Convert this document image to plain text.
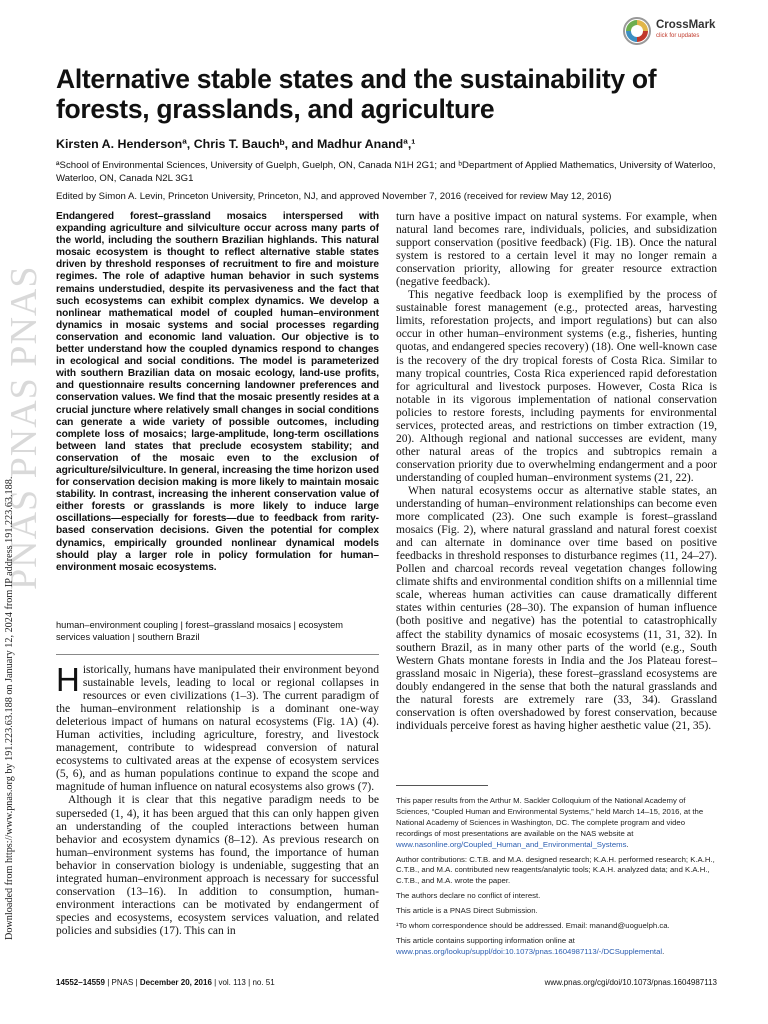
PNAS PNAS PNAS
Downloaded from https://www.pnas.org by 191.223.63.188 on January 12, 2024 from IP address 191.223.63.188.
CrossMark
click for updates
Alternative stable states and the sustainability of forests, grasslands, and agriculture
Kirsten A. Hendersonª, Chris T. Bauchᵇ, and Madhur Anandª,¹
ªSchool of Environmental Sciences, University of Guelph, Guelph, ON, Canada N1H 2G1; and ᵇDepartment of Applied Mathematics, University of Waterloo, Waterloo, ON, Canada N2L 3G1
Edited by Simon A. Levin, Princeton University, Princeton, NJ, and approved November 7, 2016 (received for review May 12, 2016)
Endangered forest–grassland mosaics interspersed with expanding agriculture and silviculture occur across many parts of the world, including the southern Brazilian highlands. This natural mosaic ecosystem is thought to reflect alternative stable states driven by threshold responses of recruitment to fire and moisture regimes. The role of adaptive human behavior in such systems remains understudied, despite its pervasiveness and the fact that such ecosystems can exhibit complex dynamics. We develop a nonlinear mathematical model of coupled human–environment dynamics in mosaic systems and social processes regarding conservation and economic land valuation. Our objective is to better understand how the coupled dynamics respond to changes in ecological and social conditions. The model is parameterized with southern Brazilian data on mosaic ecology, land-use profits, and questionnaire results concerning landowner preferences and conservation values. We find that the mosaic presently resides at a crucial juncture where relatively small changes in social conditions can generate a wide variety of possible outcomes, including complete loss of mosaics; large-amplitude, long-term oscillations between land states that preclude ecosystem stability; and conservation of the mosaic even to the exclusion of agriculture/silviculture. In general, increasing the time horizon used for conservation decision making is more likely to maintain mosaic stability. In contrast, increasing the inherent conservation value of either forests or grasslands is more likely to induce large oscillations—especially for forests—due to feedback from rarity-based conservation decisions. Given the potential for complex dynamics, empirically grounded nonlinear dynamical models should play a larger role in policy formulation for human–environment mosaic ecosystems.
human–environment coupling | forest–grassland mosaics | ecosystem services valuation | southern Brazil

Historically, humans have manipulated their environment beyond sustainable levels, leading to local or regional collapses in resources or even civilizations (1–3). The current paradigm of the human–environment relationship is a dominant one-way deleterious impact of humans on natural ecosystems (Fig. 1A) (4). Human activities, including agriculture, forestry, and livestock management, contribute to widespread conversion of natural ecosystems to cultivated areas at the expense of ecosystem services (5, 6), and as human populations continue to expand the scope and magnitude of human influence on natural ecosystems also grows (7).

Although it is clear that this negative paradigm needs to be superseded (1, 4), it has been argued that this can only happen given an understanding of the coupled interactions between human behavior and ecosystem dynamics (8–12). As previous research on human–environment systems has found, the importance of human behavior in conservation biology is undeniable, suggesting that an integrated human–environment approach is necessary for successful conservation (13–16). In addition to consumption, human-environment interactions can be motivated by endangerment of species and ecosystems, ecosystem services valuation, and related policies and subsidies (17). This can in

turn have a positive impact on natural systems. For example, when natural land becomes rare, individuals, policies, and subsidization support conservation (positive feedback) (Fig. 1B). Once the natural system is restored to a certain level it may no longer remain a conservation priority, allowing for greater resource extraction (negative feedback).

This negative feedback loop is exemplified by the process of sustainable forest management (e.g., protected areas, harvesting limits, reforestation projects, and import regulations) but can also occur in other human–environment systems (e.g., fisheries, hunting quotas, and endangered species recovery) (18). One well-known case is the recovery of the dry tropical forests of Costa Rica. Similar to many tropical countries, Costa Rica experienced rapid deforestation for agricultural and livestock purposes. However, Costa Rica is notable in its vigorous implementation of national conservation policies to restore forests, including payments for environmental services, protected areas, and restrictions on timber extraction (19, 20). Although regional and national successes are evident, many other natural areas of the tropics and subtropics remain a conservation priority due to overwhelming endangerment and a poor understanding of coupled human–environment systems (21, 22).

When natural ecosystems occur as alternative stable states, an understanding of human–environment relationships can become even more complicated (23). One such example is forest–grassland mosaics (Fig. 2), where natural grassland and natural forest coexist and can alternate in dominance over time based on positive feedbacks in threshold responses to disturbance regimes (11, 24–27). Pollen and charcoal records reveal vegetation changes following climate shifts and environmental condition shifts on a millennial time scale, whereas human activities can cause dramatically different states within centuries (28–30). The expansion of human influence (both positive and negative) has the potential to catastrophically affect the stability dynamics of mosaic ecosystems (11, 31, 32). In southern Brazil, as in many other parts of the world (e.g., South Western Ghats montane forests in India and the Jos Plateau forest–grassland mosaic in Nigeria), these forest–grassland ecosystems are doubly endangered in the sense that both the natural grasslands and the natural forests are extremely rare (33, 34). Grassland conservation is often overshadowed by forest conservation, because individuals perceive forest as having higher aesthetic value (21, 35).

This paper results from the Arthur M. Sackler Colloquium of the National Academy of Sciences, “Coupled Human and Environmental Systems,” held March 14–15, 2016, at the National Academy of Sciences in Washington, DC. The complete program and video recordings of most presentations are available on the NAS website at www.nasonline.org/Coupled_Human_and_Environmental_Systems.

Author contributions: C.T.B. and M.A. designed research; K.A.H. performed research; K.A.H., C.T.B., and M.A. contributed new reagents/analytic tools; K.A.H. analyzed data; and K.A.H., C.T.B., and M.A. wrote the paper.

The authors declare no conflict of interest.

This article is a PNAS Direct Submission.

¹To whom correspondence should be addressed. Email: manand@uoguelph.ca.

This article contains supporting information online at www.pnas.org/lookup/suppl/doi:10.1073/pnas.1604987113/-/DCSupplemental.

14552–14559 | PNAS | December 20, 2016 | vol. 113 | no. 51	www.pnas.org/cgi/doi/10.1073/pnas.1604987113
